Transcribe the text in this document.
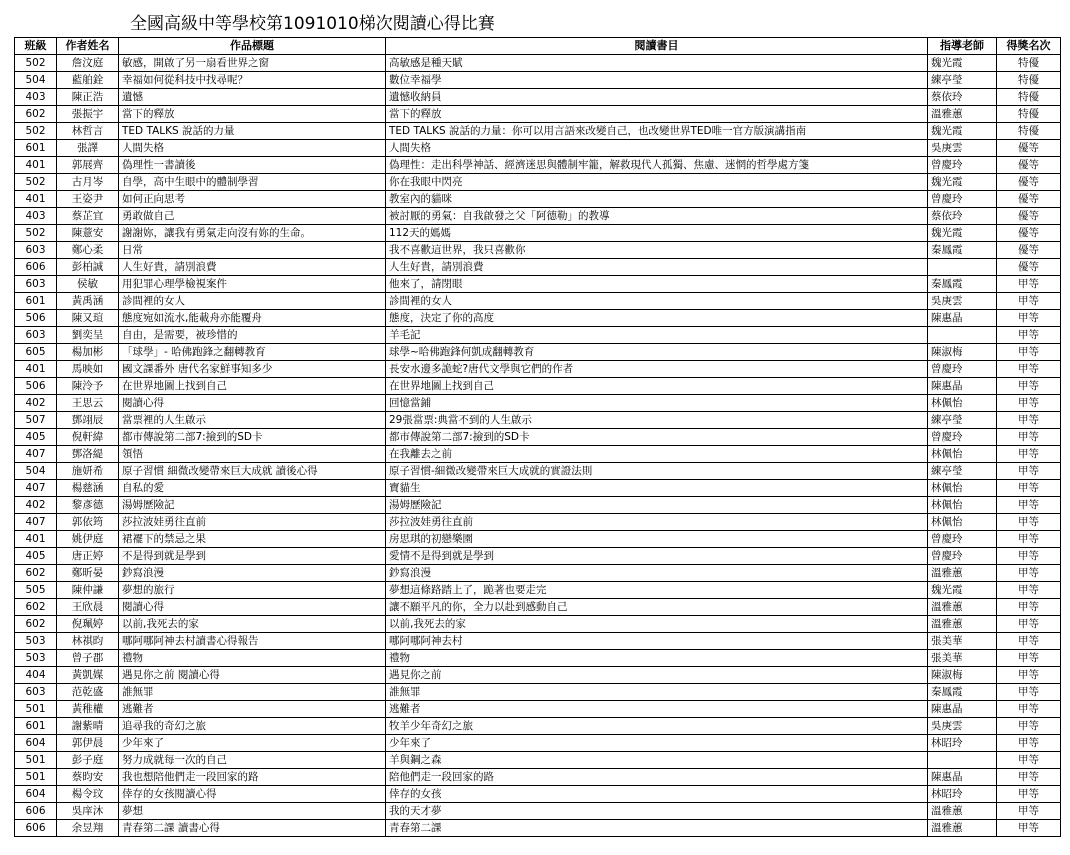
全國高級中等學校第1091010梯次閱讀心得比賽
班級	作者姓名	作品標題	閱讀書目	指導老師	得獎名次
502	詹汶庭	敏感，開啟了另一扇看世界之窗	高敏感是種天賦	魏光霞	特優
504	藍舶銓	幸福如何從科技中找尋呢？	數位幸福學	練亭瑩	特優
403	陳正浩	遺憾	遺憾收納員	蔡依玲	特優
602	張振宇	當下的釋放	當下的釋放	溫雅蕙	特優
502	林哲言	TED TALKS 說話的力量	TED TALKS 說話的力量：你可以用言語來改變自己，也改變世界TED唯一官方版演講指南	魏光霞	特優
601	張譯	人間失格	人間失格	吳庚雲	優等
401	郭展齊	偽理性一書讀後	偽理性：走出科學神話、經濟迷思與體制牢籠，解救現代人孤獨、焦慮、迷惘的哲學處方箋	曾慶玲	優等
502	古月岑	自學，高中生眼中的體制學習	你在我眼中閃亮	魏光霞	優等
401	王姿尹	如何正向思考	教室內的貓咪	曾慶玲	優等
403	蔡芷宜	勇敢做自己	被討厭的勇氣：自我啟發之父「阿德勒」的教導	蔡依玲	優等
502	陳薏安	謝謝妳，讓我有勇氣走向沒有妳的生命。	112天的媽媽	魏光霞	優等
603	鄭心柔	日常	我不喜歡這世界，我只喜歡你	秦鳳霞	優等
606	彭柏誠	人生好貴，請別浪費	人生好貴，請別浪費		優等
603	侯敏	用犯罪心理學檢視案件	他來了，請閉眼	秦鳳霞	甲等
601	黃禹涵	診間裡的女人	診間裡的女人	吳庚雲	甲等
506	陳又瑄	態度宛如流水,能載舟亦能覆舟	態度，決定了你的高度	陳惠晶	甲等
603	劉奕呈	自由，是需要，被珍惜的	羊毛記		甲等
605	楊加彬	「球學」- 哈佛跑鋒之翻轉教育	球學~哈佛跑鋒何凱成翻轉教育	陳淑梅	甲等
401	馬映如	國文課番外 唐代名家鮮事知多少	長安水邊多詭蛇?唐代文學與它們的作者	曾慶玲	甲等
506	陳泠予	在世界地圖上找到自己	在世界地圖上找到自己	陳惠晶	甲等
402	王思云	閱讀心得	回憶當鋪	林佩怡	甲等
507	鄧翊辰	當票裡的人生啟示	29張當票:典當不到的人生啟示	練亭瑩	甲等
405	倪軒緯	都市傳說第二部7:撿到的SD卡	都市傳說第二部7:撿到的SD卡	曾慶玲	甲等
407	鄧洛緹	領悟	在我離去之前	林佩怡	甲等
504	施妍希	原子習慣 細微改變帶來巨大成就 讀後心得	原子習慣-細微改變帶來巨大成就的實證法則	練亭瑩	甲等
407	楊慈涵	自私的愛	寶貓生	林佩怡	甲等
402	黎彥德	湯姆歷險記	湯姆歷險記	林佩怡	甲等
407	郭依筠	莎拉波娃勇往直前	莎拉波娃勇往直前	林佩怡	甲等
401	姚伊庭	裙襬下的禁忌之果	房思琪的初戀樂園	曾慶玲	甲等
405	唐正婷	不是得到就是學到	愛情不是得到就是學到	曾慶玲	甲等
602	鄭昕晏	鈔寫浪漫	鈔寫浪漫	溫雅蕙	甲等
505	陳仲謙	夢想的旅行	夢想這條路踏上了，跪著也要走完	魏光霞	甲等
602	王欣晨	閱讀心得	讓不願平凡的你，全力以赴到感動自己	溫雅蕙	甲等
602	倪珮婷	以前,我死去的家	以前,我死去的家	溫雅蕙	甲等
503	林祺昀	哪阿哪阿神去村讀書心得報告	哪阿哪阿神去村	張美華	甲等
503	曾子郡	禮物	禮物	張美華	甲等
404	黃凱媒	遇見你之前 閱讀心得	遇見你之前	陳淑梅	甲等
603	范乾盛	誰無罪	誰無罪	秦鳳霞	甲等
501	黃稚權	逃難者	逃難者	陳惠晶	甲等
601	謝紫晴	追尋我的奇幻之旅	牧羊少年奇幻之旅	吳庚雲	甲等
604	郭伊晨	少年來了	少年來了	林昭玲	甲等
501	彭子庭	努力成就每一次的自己	羊與鋼之森		甲等
501	蔡昀安	我也想陪他們走一段回家的路	陪他們走一段回家的路	陳惠晶	甲等
604	楊令玟	倖存的女孩閱讀心得	倖存的女孩	林昭玲	甲等
606	吳庠沐	夢想	我的天才夢	溫雅蕙	甲等
606	余昱翔	青春第二課 讀書心得	青春第二課	溫雅蕙	甲等
